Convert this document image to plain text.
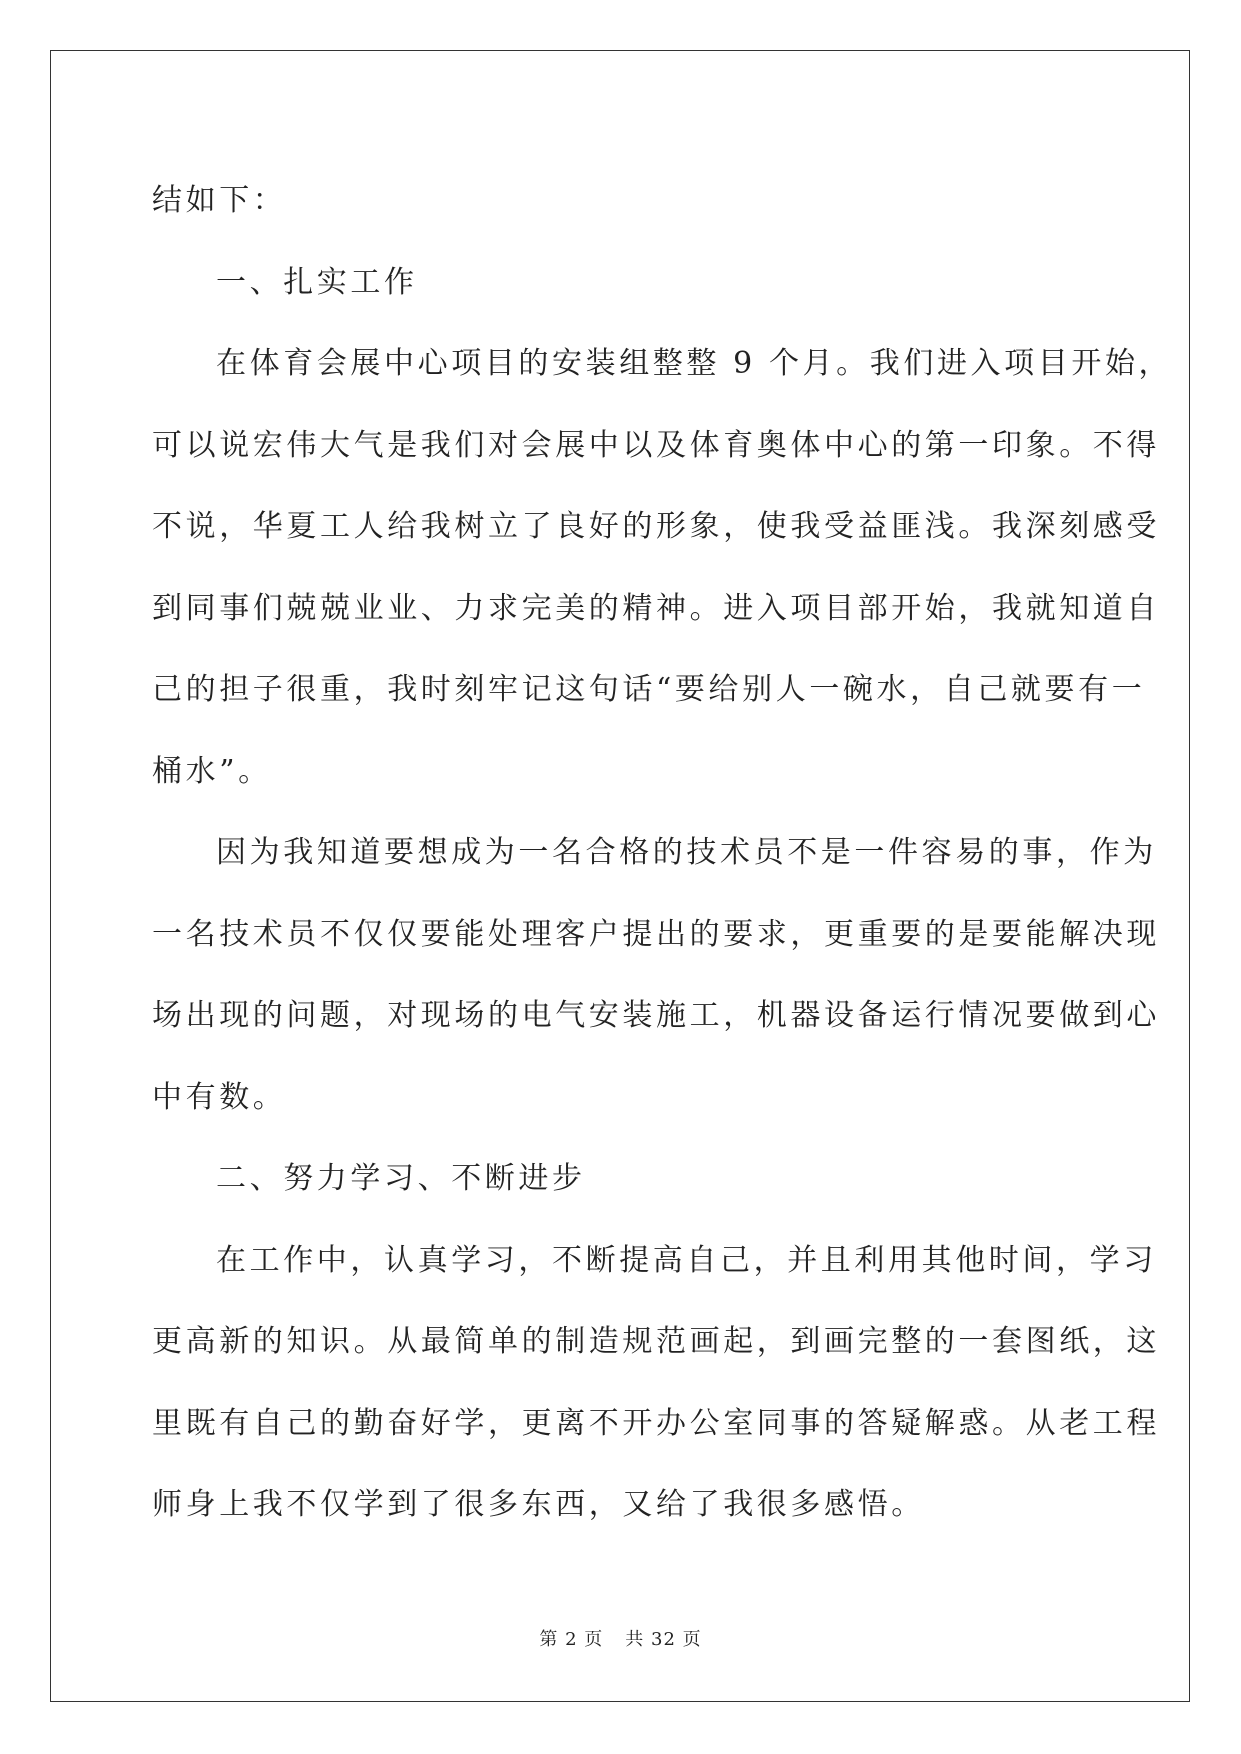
结如下：

一、扎实工作

在体育会展中心项目的安装组整整 9 个月。我们进入项目开始，

可以说宏伟大气是我们对会展中以及体育奥体中心的第一印象。不得

不说，华夏工人给我树立了良好的形象，使我受益匪浅。我深刻感受

到同事们兢兢业业、力求完美的精神。进入项目部开始，我就知道自

己的担子很重，我时刻牢记这句话“要给别人一碗水，自己就要有一

桶水”。

因为我知道要想成为一名合格的技术员不是一件容易的事，作为

一名技术员不仅仅要能处理客户提出的要求，更重要的是要能解决现

场出现的问题，对现场的电气安装施工，机器设备运行情况要做到心

中有数。

二、努力学习、不断进步

在工作中，认真学习，不断提高自己，并且利用其他时间，学习

更高新的知识。从最简单的制造规范画起，到画完整的一套图纸，这

里既有自己的勤奋好学，更离不开办公室同事的答疑解惑。从老工程

师身上我不仅学到了很多东西，又给了我很多感悟。

第 2 页 共 32 页
